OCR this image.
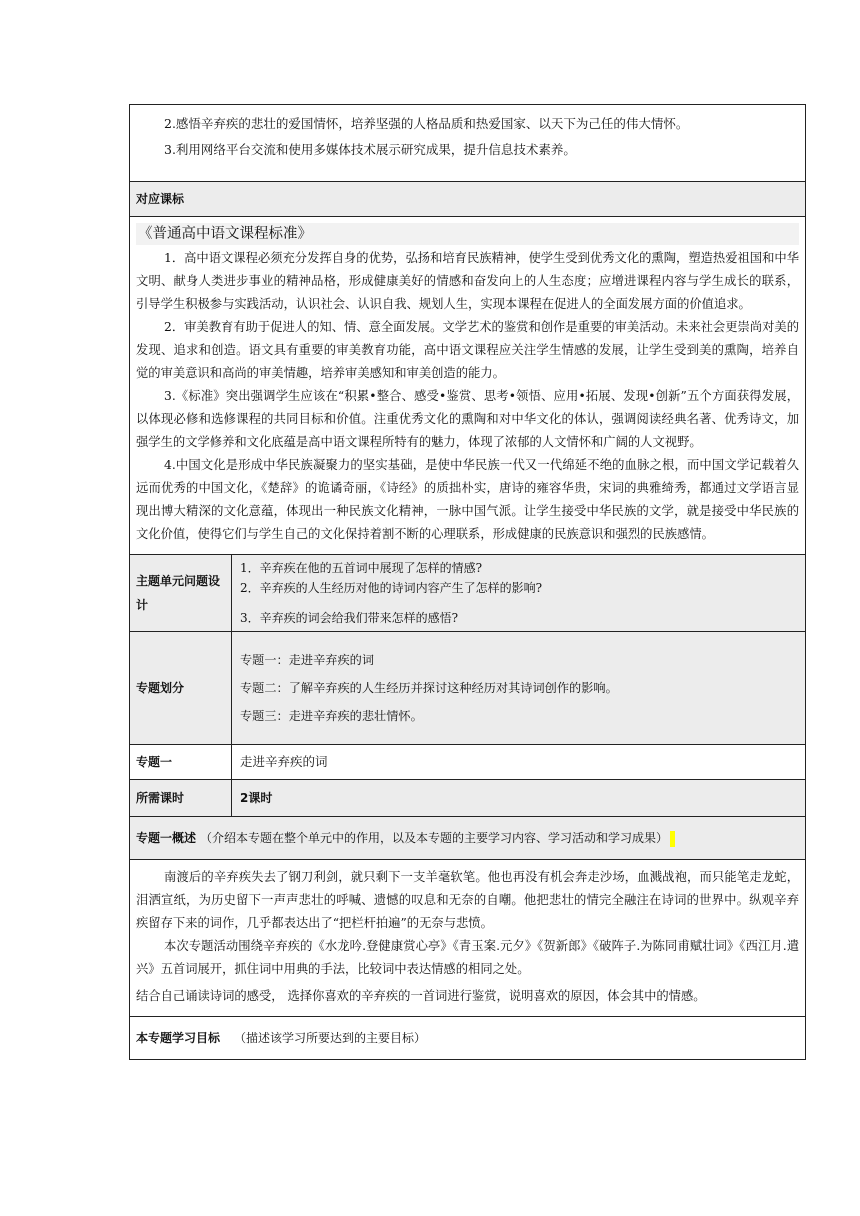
2.感悟辛弃疾的悲壮的爱国情怀，培养坚强的人格品质和热爱国家、以天下为己任的伟大情怀。

3.利用网络平台交流和使用多媒体技术展示研究成果，提升信息技术素养。	

对应课标	

《普通高中语文课程标准》

1．高中语文课程必须充分发挥自身的优势，弘扬和培育民族精神，使学生受到优秀文化的熏陶，塑造热爱祖国和中华文明、献身人类进步事业的精神品格，形成健康美好的情感和奋发向上的人生态度；应增进课程内容与学生成长的联系，引导学生积极参与实践活动，认识社会、认识自我、规划人生，实现本课程在促进人的全面发展方面的价值追求。

2．审美教育有助于促进人的知、情、意全面发展。文学艺术的鉴赏和创作是重要的审美活动。未来社会更崇尚对美的发现、追求和创造。语文具有重要的审美教育功能，高中语文课程应关注学生情感的发展，让学生受到美的熏陶，培养自觉的审美意识和高尚的审美情趣，培养审美感知和审美创造的能力。

3.《标准》突出强调学生应该在“积累•整合、感受•鉴赏、思考•领悟、应用•拓展、发现•创新”五个方面获得发展，以体现必修和选修课程的共同目标和价值。注重优秀文化的熏陶和对中华文化的体认，强调阅读经典名著、优秀诗文，加强学生的文学修养和文化底蕴是高中语文课程所特有的魅力，体现了浓郁的人文情怀和广阔的人文视野。

4.中国文化是形成中华民族凝聚力的坚实基础，是使中华民族一代又一代绵延不绝的血脉之根，而中国文学记载着久远而优秀的中国文化，《楚辞》的诡谲奇丽，《诗经》的质拙朴实，唐诗的雍容华贵，宋词的典雅绮秀，都通过文学语言显现出博大精深的文化意蕴，体现出一种民族文化精神，一脉中国气派。让学生接受中华民族的文学，就是接受中华民族的文化价值，使得它们与学生自己的文化保持着割不断的心理联系，形成健康的民族意识和强烈的民族感情。	

主题单元问题设计	1．辛弃疾在他的五首词中展现了怎样的情感?

2．辛弃疾的人生经历对他的诗词内容产生了怎样的影响?

3．辛弃疾的词会给我们带来怎样的感悟?

专题划分	专题一：走进辛弃疾的词

专题二：了解辛弃疾的人生经历并探讨这种经历对其诗词创作的影响。

专题三：走进辛弃疾的悲壮情怀。

专题一	走进辛弃疾的词
所需课时	2课时
专题一概述 （介绍本专题在整个单元中的作用，以及本专题的主要学习内容、学习活动和学习成果）	

南渡后的辛弃疾失去了钢刀利剑，就只剩下一支羊毫软笔。他也再没有机会奔走沙场，血溅战袍，而只能笔走龙蛇，泪洒宣纸，为历史留下一声声悲壮的呼喊、遗憾的叹息和无奈的自嘲。他把悲壮的情完全融注在诗词的世界中。纵观辛弃疾留存下来的词作，几乎都表达出了“把栏杆拍遍”的无奈与悲愤。

本次专题活动围绕辛弃疾的《水龙吟.登健康赏心亭》《青玉案.元夕》《贺新郎》《破阵子.为陈同甫赋壮词》《西江月.遣兴》五首词展开，抓住词中用典的手法，比较词中表达情感的相同之处。

结合自己诵读诗词的感受， 选择你喜欢的辛弃疾的一首词进行鉴赏，说明喜欢的原因，体会其中的情感。	

本专题学习目标 （描述该学习所要达到的主要目标）	
